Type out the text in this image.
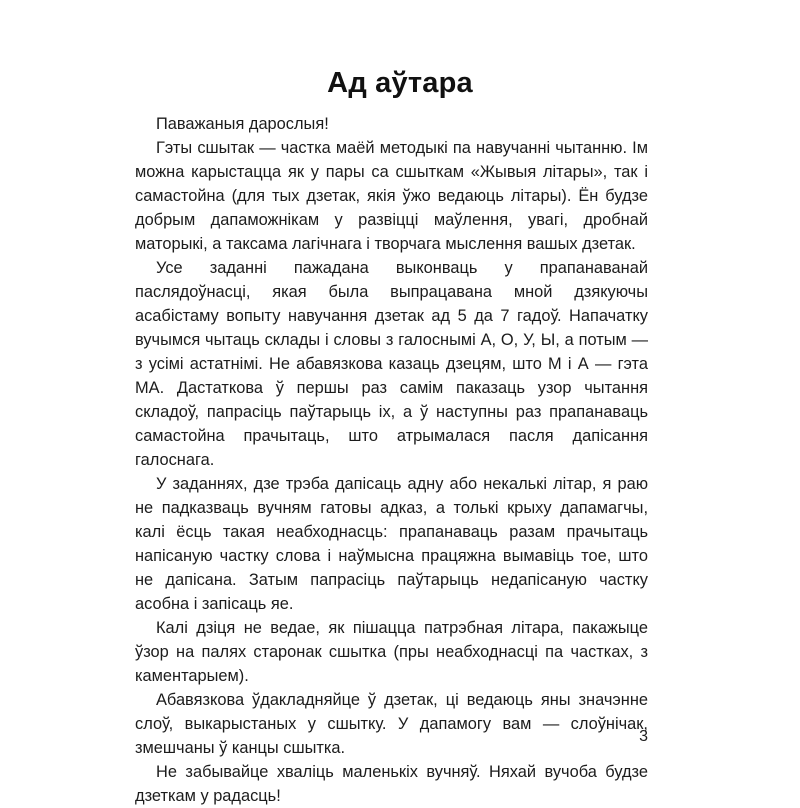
Ад аўтара

Паважаныя дарослыя!

Гэты сшытак — частка маёй методыкі па навучанні чытанню. Ім можна карыстацца як у пары са сшыткам «Жывыя літары», так і самастойна (для тых дзетак, якія ўжо ведаюць літары). Ён будзе добрым дапаможнікам у развіцці маўлення, увагі, дробнай маторыкі, а таксама лагічнага і творчага мыслення вашых дзетак.

Усе заданні пажадана выконваць у прапанаванай паслядоўнасці, якая была выпрацавана мной дзякуючы асабістаму вопыту навучання дзетак ад 5 да 7 гадоў. Напачатку вучымся чытаць склады і словы з галоснымі А, О, У, Ы, а потым — з усімі астатнімі. Не абавязкова казаць дзецям, што М і А — гэта МА. Дастаткова ў першы раз самім паказаць узор чытання складоў, папрасіць паўтарыць іх, а ў наступны раз прапанаваць самастойна прачытаць, што атрымалася пасля дапісання галоснага.

У заданнях, дзе трэба дапісаць адну або некалькі літар, я раю не падказваць вучням гатовы адказ, а толькі крыху дапамагчы, калі ёсць такая неабходнасць: прапанаваць разам прачытаць напісаную частку слова і наўмысна працяжна вымавіць тое, што не дапісана. Затым папрасіць паўтарыць недапісаную частку асобна і запісаць яе.

Калі дзіця не ведае, як пішацца патрэбная літара, пакажыце ўзор на палях старонак сшытка (пры неабходнасці па частках, з каментарыем).

Абавязкова ўдакладняйце ў дзетак, ці ведаюць яны значэнне слоў, выкарыстаных у сшытку. У дапамогу вам — слоўнічак, змешчаны ў канцы сшытка.

Не забывайце хваліць маленькіх вучняў. Няхай вучоба будзе дзеткам у радасць!

3
